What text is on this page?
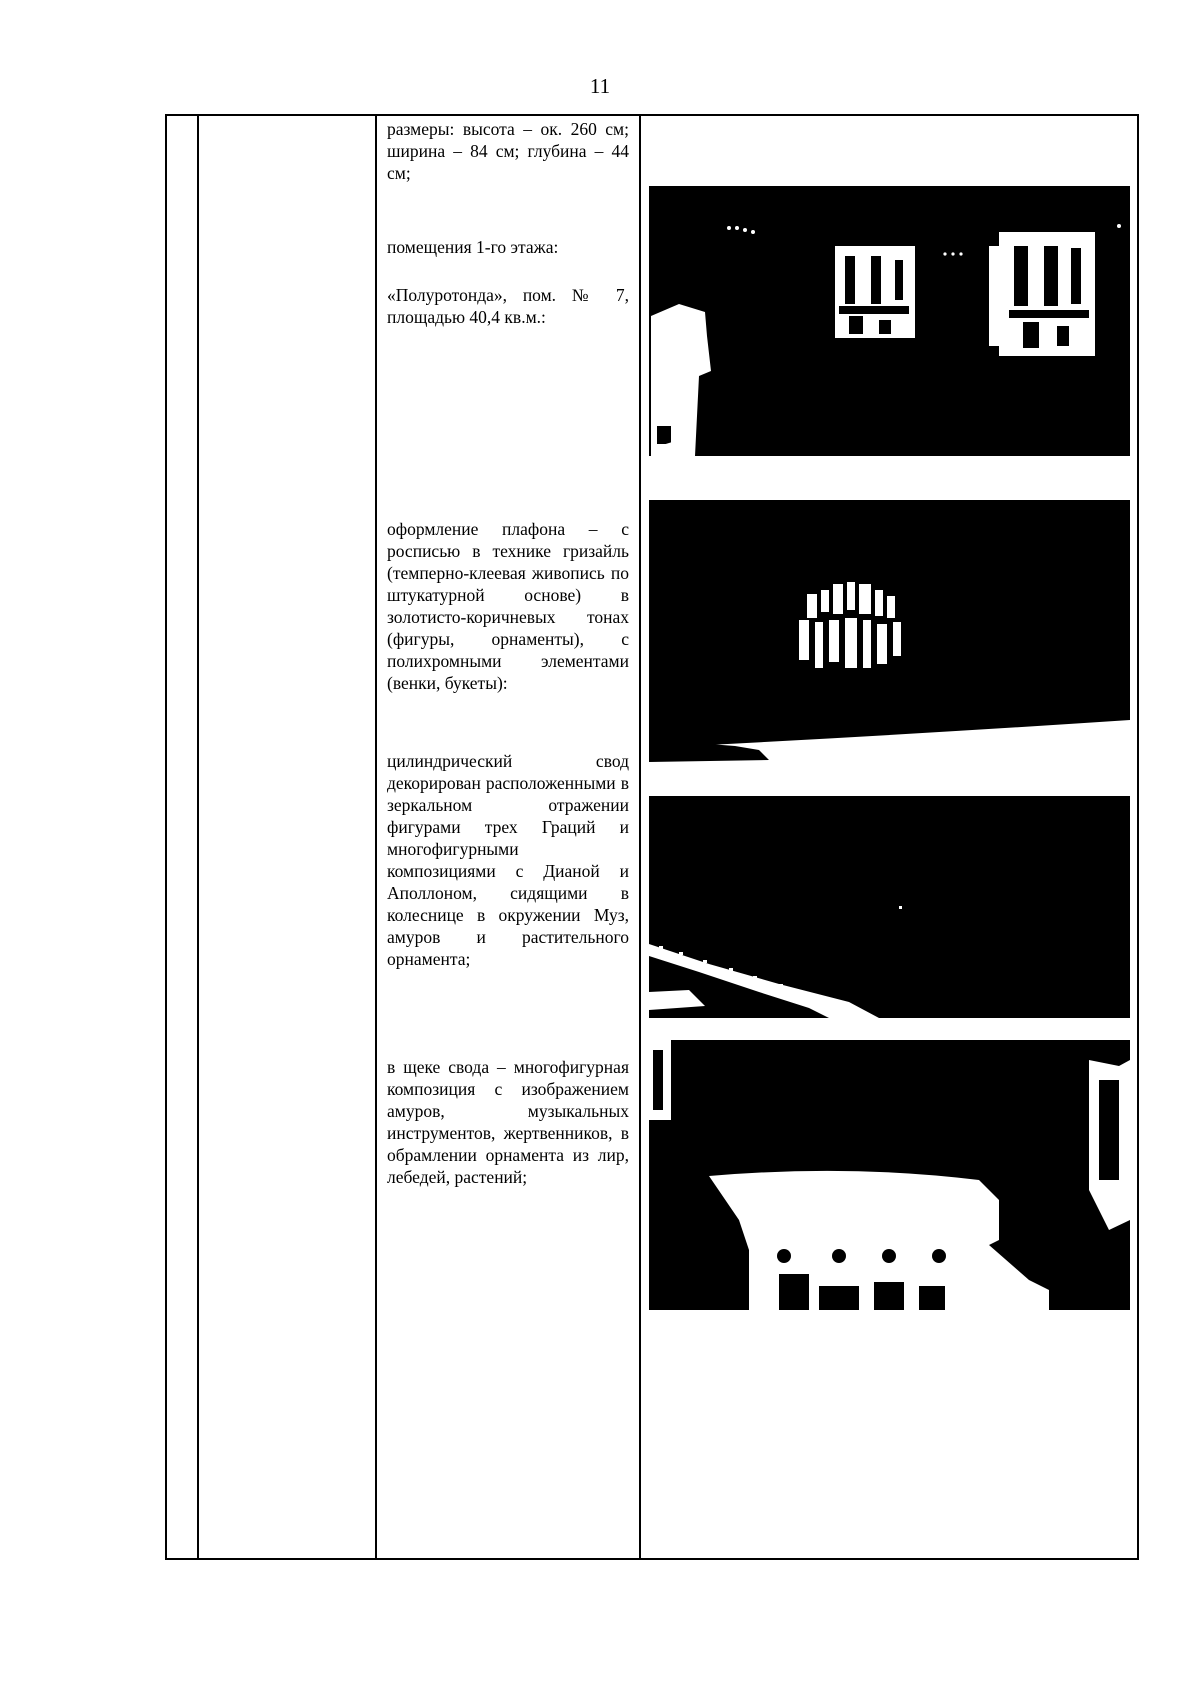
11

размеры: высота – ок. 260 см; ширина – 84 см; глубина – 44 см;

помещения 1-го этажа:

«Полуротонда», пом. № 7, площадью 40,4 кв.м.:

оформление плафона – с росписью в технике гризайль (темперно-клеевая живопись по штукатурной основе) в золотисто-коричневых тонах (фигуры, орнаменты), с полихромными элементами (венки, букеты):

цилиндрический свод декорирован расположенными в зеркальном отражении фигурами трех Граций и многофигурными композициями с Дианой и Аполлоном, сидящими в колеснице в окружении Муз, амуров и растительного орнамента;

в щеке свода – многофигурная композиция с изображением амуров, музыкальных инструментов, жертвенников, в обрамлении орнамента из лир, лебедей, растений;
